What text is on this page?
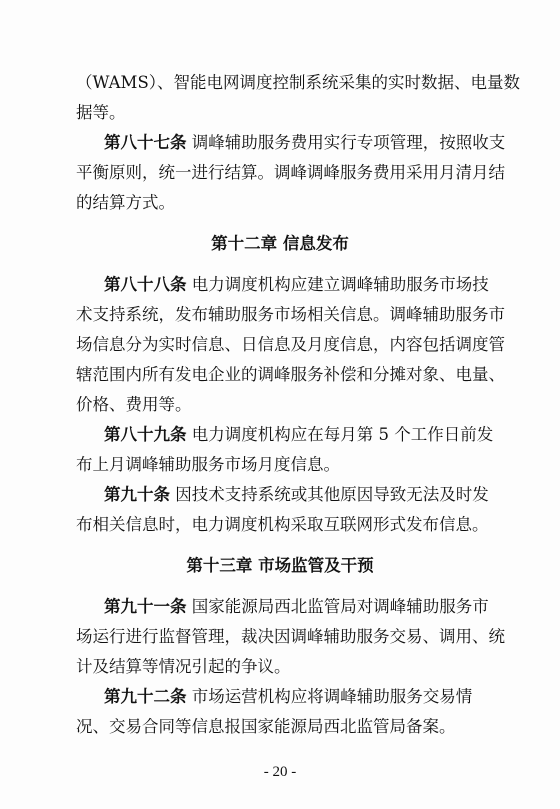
（WAMS）、智能电网调度控制系统采集的实时数据、电量数
据等。
第八十七条 调峰辅助服务费用实行专项管理，按照收支
平衡原则，统一进行结算。调峰调峰服务费用采用月清月结
的结算方式。
第十二章 信息发布
第八十八条 电力调度机构应建立调峰辅助服务市场技
术支持系统，发布辅助服务市场相关信息。调峰辅助服务市
场信息分为实时信息、日信息及月度信息，内容包括调度管
辖范围内所有发电企业的调峰服务补偿和分摊对象、电量、
价格、费用等。
第八十九条 电力调度机构应在每月第 5 个工作日前发
布上月调峰辅助服务市场月度信息。
第九十条 因技术支持系统或其他原因导致无法及时发
布相关信息时，电力调度机构采取互联网形式发布信息。
第十三章 市场监管及干预
第九十一条 国家能源局西北监管局对调峰辅助服务市
场运行进行监督管理，裁决因调峰辅助服务交易、调用、统
计及结算等情况引起的争议。
第九十二条 市场运营机构应将调峰辅助服务交易情
况、交易合同等信息报国家能源局西北监管局备案。
- 20 -
